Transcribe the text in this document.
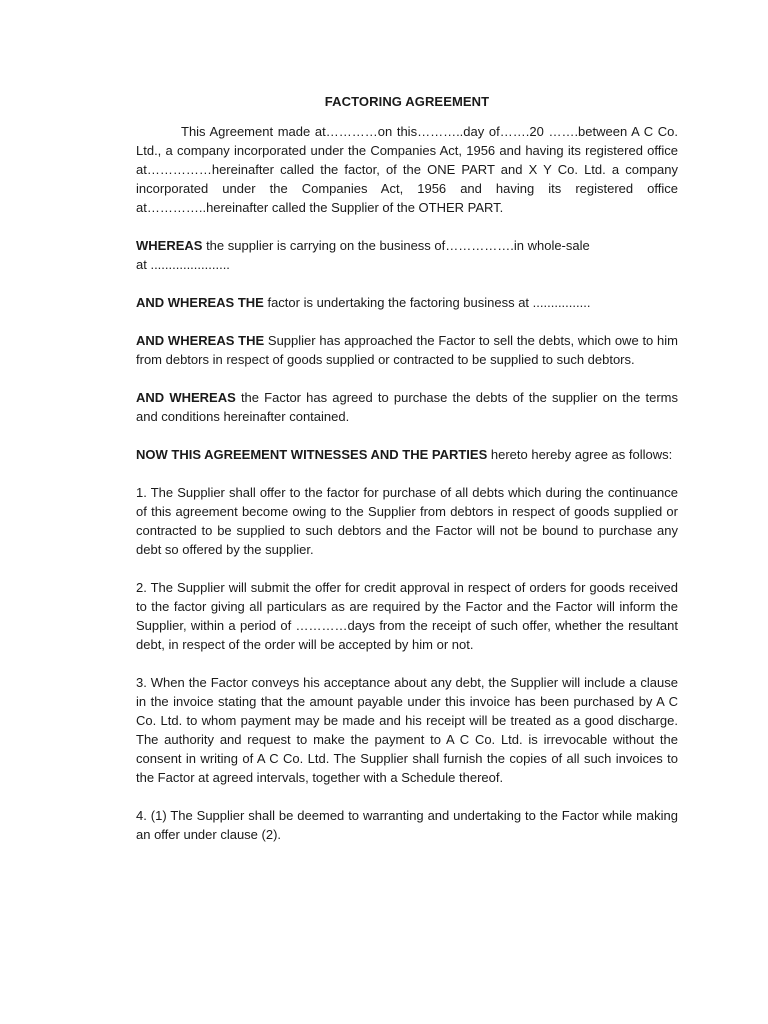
FACTORING AGREEMENT

This Agreement made at…………on this………..day of…….20 …….between A C Co. Ltd., a company incorporated under the Companies Act, 1956 and having its registered office at……………hereinafter called the factor, of the ONE PART and X Y Co. Ltd. a company incorporated under the Companies Act, 1956 and having its registered office at…………..hereinafter called the Supplier of the OTHER PART.

WHEREAS the supplier is carrying on the business of…………….in whole-sale
at ......................

AND WHEREAS THE factor is undertaking the factoring business at ................

AND WHEREAS THE Supplier has approached the Factor to sell the debts, which owe to him from debtors in respect of goods supplied or contracted to be supplied to such debtors.

AND WHEREAS the Factor has agreed to purchase the debts of the supplier on the terms and conditions hereinafter contained.

NOW THIS AGREEMENT WITNESSES AND THE PARTIES hereto hereby agree as follows:

1. The Supplier shall offer to the factor for purchase of all debts which during the continuance of this agreement become owing to the Supplier from debtors in respect of goods supplied or contracted to be supplied to such debtors and the Factor will not be bound to purchase any debt so offered by the supplier.

2. The Supplier will submit the offer for credit approval in respect of orders for goods received to the factor giving all particulars as are required by the Factor and the Factor will inform the Supplier, within a period of …………days from the receipt of such offer, whether the resultant debt, in respect of the order will be accepted by him or not.

3. When the Factor conveys his acceptance about any debt, the Supplier will include a clause in the invoice stating that the amount payable under this invoice has been purchased by A C Co. Ltd. to whom payment may be made and his receipt will be treated as a good discharge. The authority and request to make the payment to A C Co. Ltd. is irrevocable without the consent in writing of A C Co. Ltd. The Supplier shall furnish the copies of all such invoices to the Factor at agreed intervals, together with a Schedule thereof.

4. (1) The Supplier shall be deemed to warranting and undertaking to the Factor while making an offer under clause (2).
